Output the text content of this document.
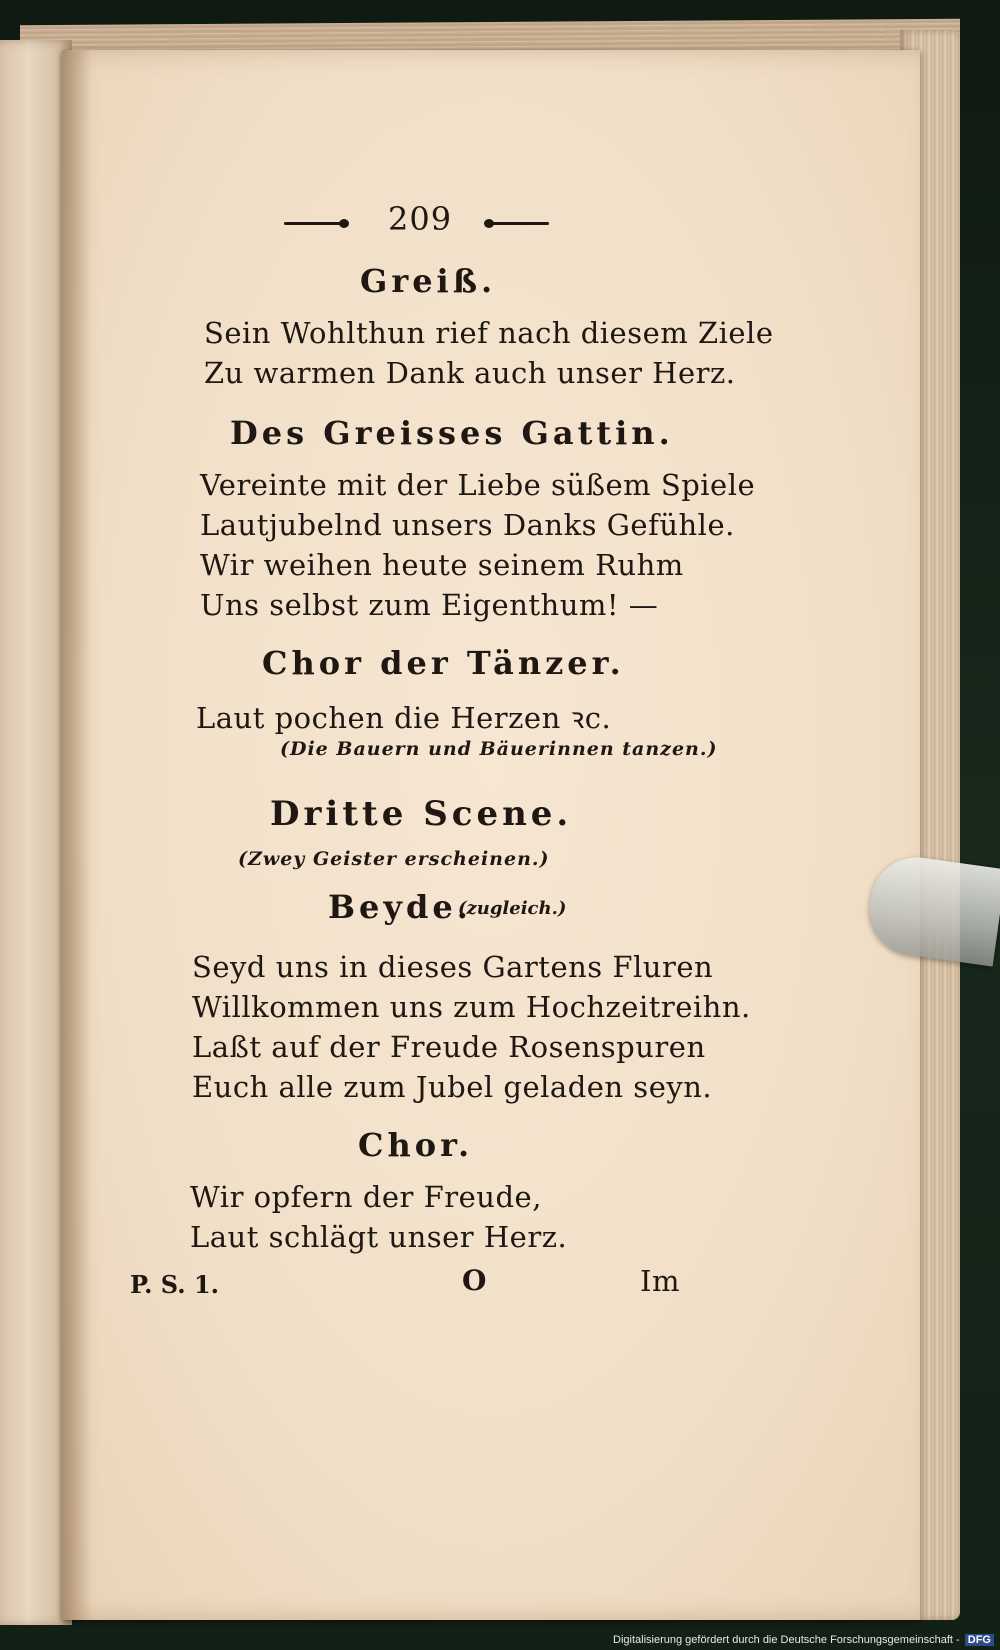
209
Greiß.
Sein Wohlthun rief nach diesem Ziele
Zu warmen Dank auch unser Herz.
Des Greisses Gattin.
Vereinte mit der Liebe süßem Spiele
Lautjubelnd unsers Danks Gefühle.
Wir weihen heute seinem Ruhm
Uns selbst zum Eigenthum! —
Chor der Tänzer.
Laut pochen die Herzen ꝛc.
(Die Bauern und Bäuerinnen tanzen.)
Dritte Scene.
(Zwey Geister erscheinen.)
Beyde.
(zugleich.)
Seyd uns in dieses Gartens Fluren
Willkommen uns zum Hochzeitreihn.
Laßt auf der Freude Rosenspuren
Euch alle zum Jubel geladen seyn.
Chor.
Wir opfern der Freude,
Laut schlägt unser Herz.
P. S. 1.	O	Im
Digitalisierung gefördert durch die Deutsche Forschungsgemeinschaft - DFG
